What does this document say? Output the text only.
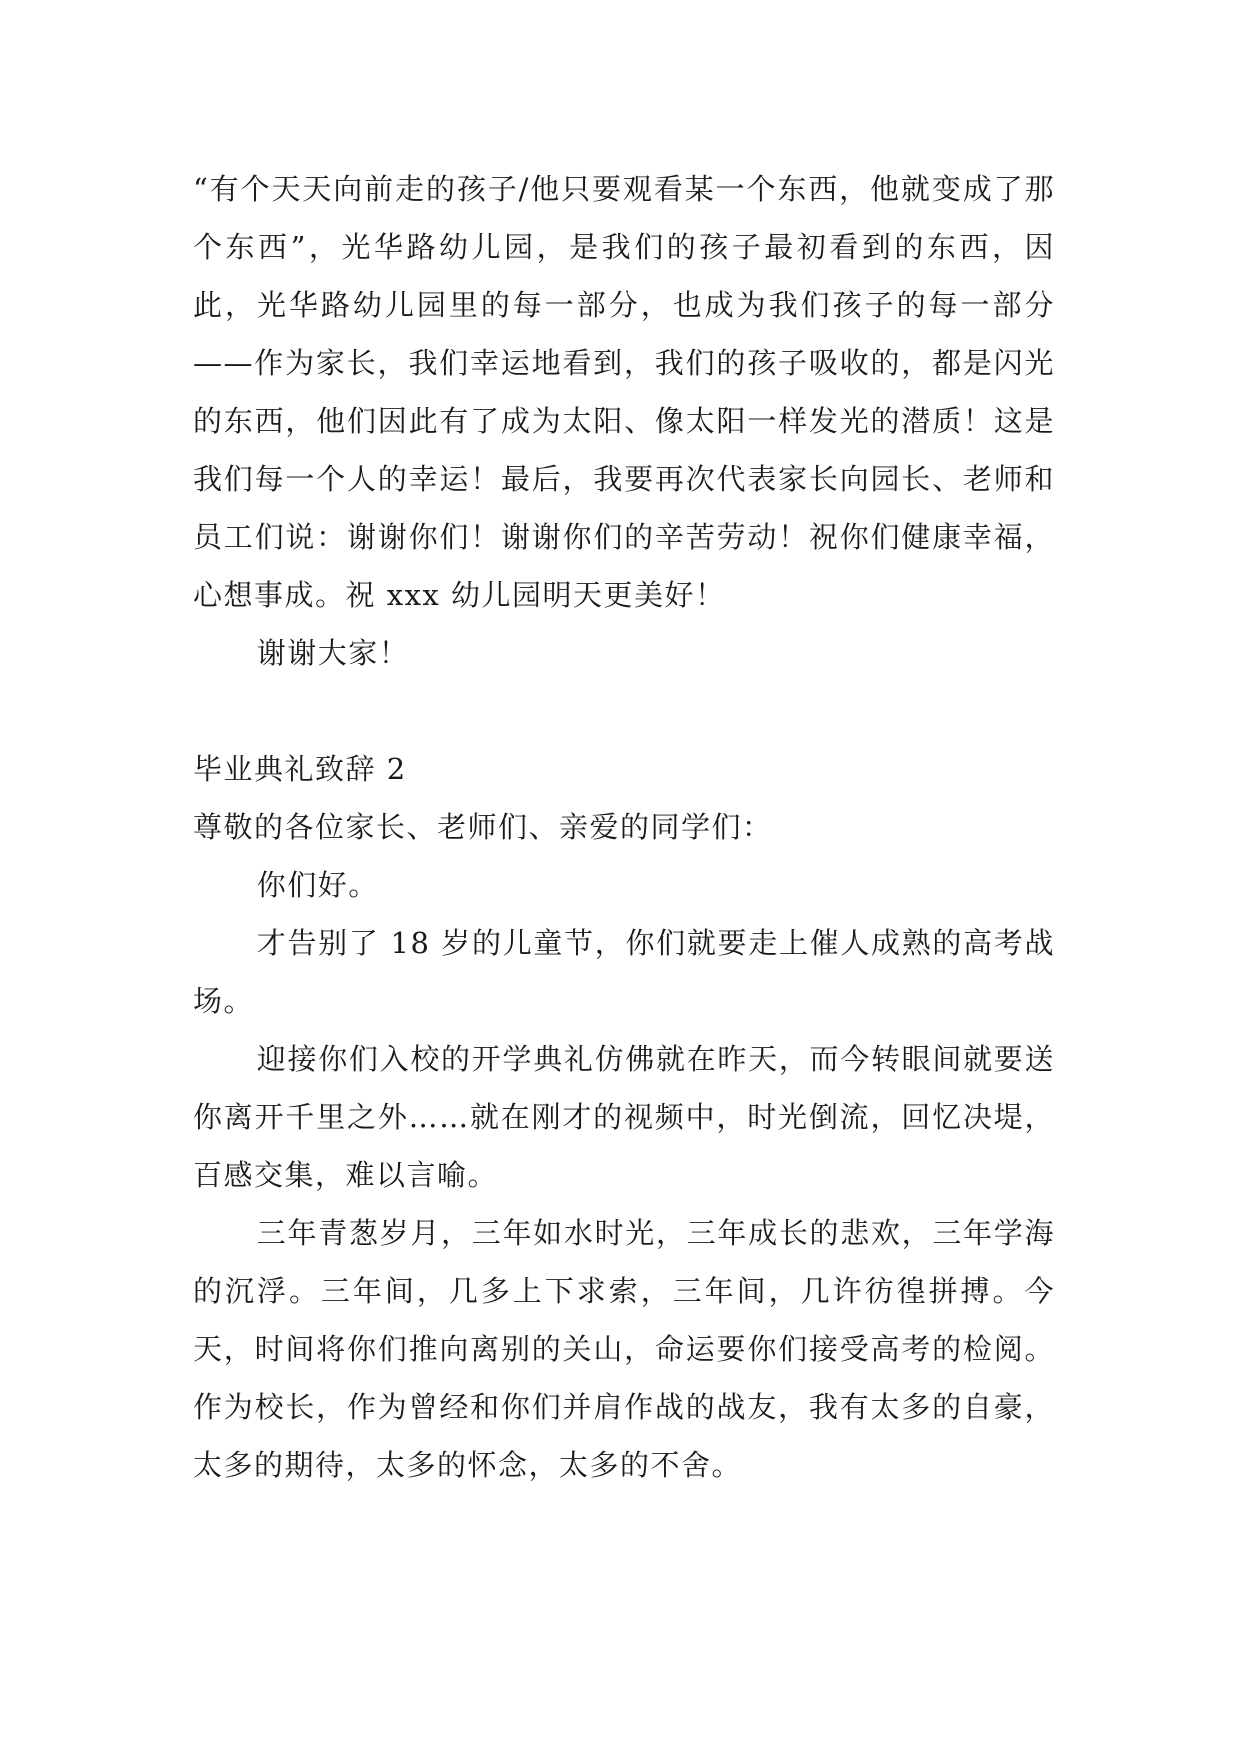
“有个天天向前走的孩子/他只要观看某一个东西，他就变成了那个东西”，光华路幼儿园，是我们的孩子最初看到的东西，因此，光华路幼儿园里的每一部分，也成为我们孩子的每一部分——作为家长，我们幸运地看到，我们的孩子吸收的，都是闪光的东西，他们因此有了成为太阳、像太阳一样发光的潜质！这是我们每一个人的幸运！最后，我要再次代表家长向园长、老师和员工们说：谢谢你们！谢谢你们的辛苦劳动！祝你们健康幸福，心想事成。祝 xxx 幼儿园明天更美好！

谢谢大家！

毕业典礼致辞 2

尊敬的各位家长、老师们、亲爱的同学们：

你们好。

才告别了 18 岁的儿童节，你们就要走上催人成熟的高考战场。

迎接你们入校的开学典礼仿佛就在昨天，而今转眼间就要送你离开千里之外……就在刚才的视频中，时光倒流，回忆决堤，百感交集，难以言喻。

三年青葱岁月，三年如水时光，三年成长的悲欢，三年学海的沉浮。三年间，几多上下求索，三年间，几许彷徨拼搏。今天，时间将你们推向离别的关山，命运要你们接受高考的检阅。作为校长，作为曾经和你们并肩作战的战友，我有太多的自豪，太多的期待，太多的怀念，太多的不舍。
